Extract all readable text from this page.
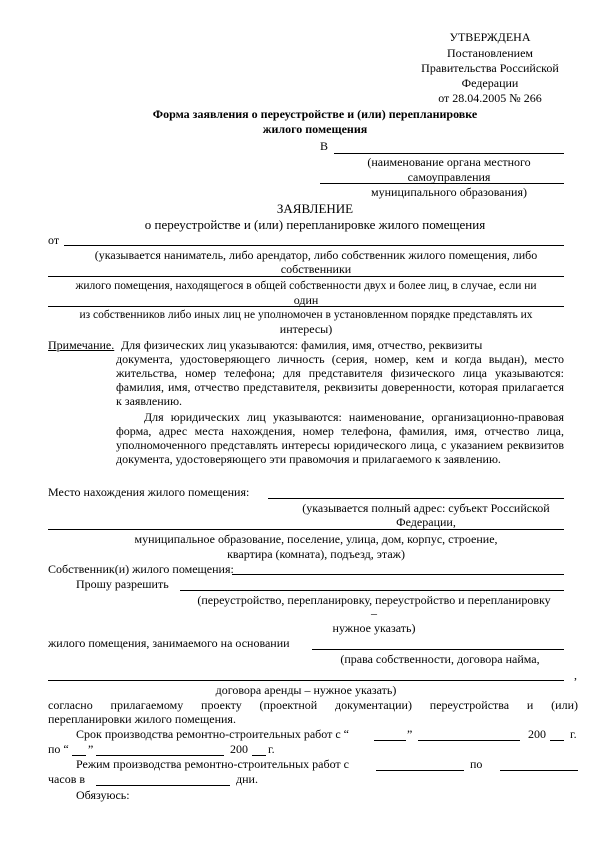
УТВЕРЖДЕНА
Постановлением
Правительства Российской
Федерации
от 28.04.2005 № 266
Форма заявления о переустройстве и (или) перепланировке
жилого помещения
В
(наименование органа местного
самоуправления
муниципального образования)
ЗАЯВЛЕНИЕ
о переустройстве и (или) перепланировке жилого помещения
от
(указывается наниматель, либо арендатор, либо собственник жилого помещения, либо
собственники
жилого помещения, находящегося в общей собственности двух и более лиц, в случае, если ни
один
из собственников либо иных лиц не уполномочен в установленном порядке представлять их
интересы)
Примечание. Для физических лиц указываются: фамилия, имя, отчество, реквизиты
документа, удостоверяющего личность (серия, номер, кем и когда выдан), место жительства, номер телефона; для представителя физического лица указываются: фамилия, имя, отчество представителя, реквизиты доверенности, которая прилагается к заявлению.
Для юридических лиц указываются: наименование, организационно-правовая форма, адрес места нахождения, номер телефона, фамилия, имя, отчество лица, уполномоченного представлять интересы юридического лица, с указанием реквизитов документа, удостоверяющего эти правомочия и прилагаемого к заявлению.
Место нахождения жилого помещения:
(указывается полный адрес: субъект Российской
Федерации,
муниципальное образование, поселение, улица, дом, корпус, строение,
квартира (комната), подъезд, этаж)
Собственник(и) жилого помещения:
Прошу разрешить
(переустройство, перепланировку, переустройство и перепланировку
–
нужное указать)
жилого помещения, занимаемого на основании
(права собственности, договора найма,
,
договора аренды – нужное указать)
согласно прилагаемому проекту (проектной документации) переустройства и (или)
перепланировки жилого помещения.
Срок производства ремонтно-строительных работ с “	”	200 г.
по “ ”	200 г.
Режим производства ремонтно-строительных работ с	по
часов в	дни.
Обязуюсь:
